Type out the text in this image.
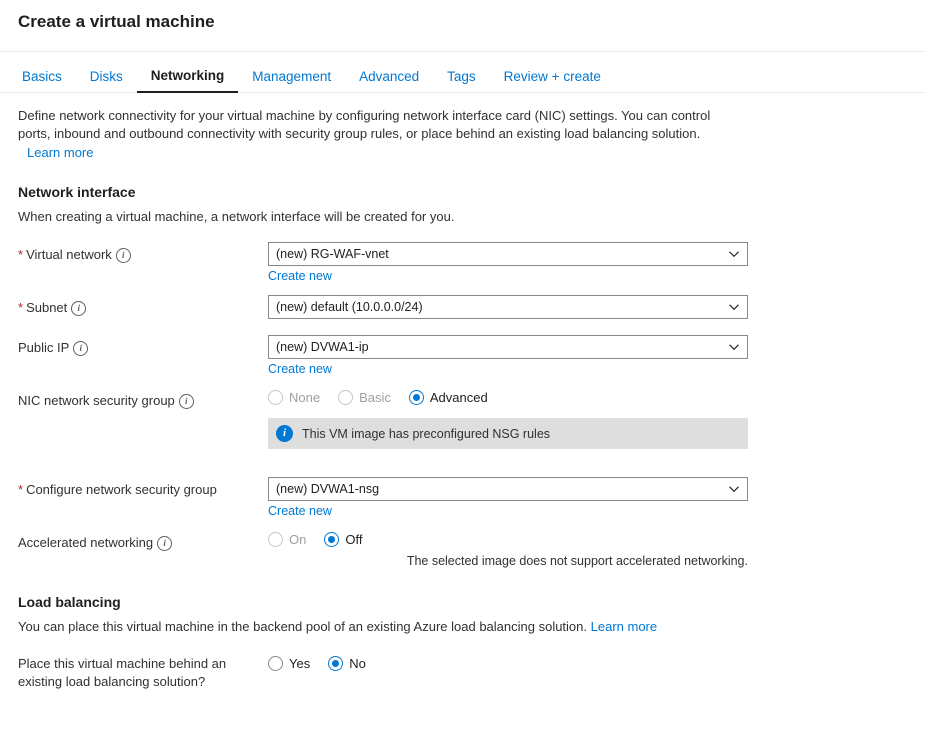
Create a virtual machine
Basics	Disks	Networking	Management	Advanced	Tags	Review + create
Define network connectivity for your virtual machine by configuring network interface card (NIC) settings. You can control ports, inbound and outbound connectivity with security group rules, or place behind an existing load balancing solution.
Learn more
Network interface
When creating a virtual machine, a network interface will be created for you.
* Virtual network i	(new) RG-WAF-vnet
Create new
* Subnet i	(new) default (10.0.0.0/24)
Public IP i	(new) DVWA1-ip
Create new
NIC network security group i	None	Basic	Advanced
i	This VM image has preconfigured NSG rules
* Configure network security group	(new) DVWA1-nsg
Create new
Accelerated networking i	On	Off
The selected image does not support accelerated networking.
Load balancing
You can place this virtual machine in the backend pool of an existing Azure load balancing solution. Learn more
Place this virtual machine behind an
existing load balancing solution?
Yes	No
